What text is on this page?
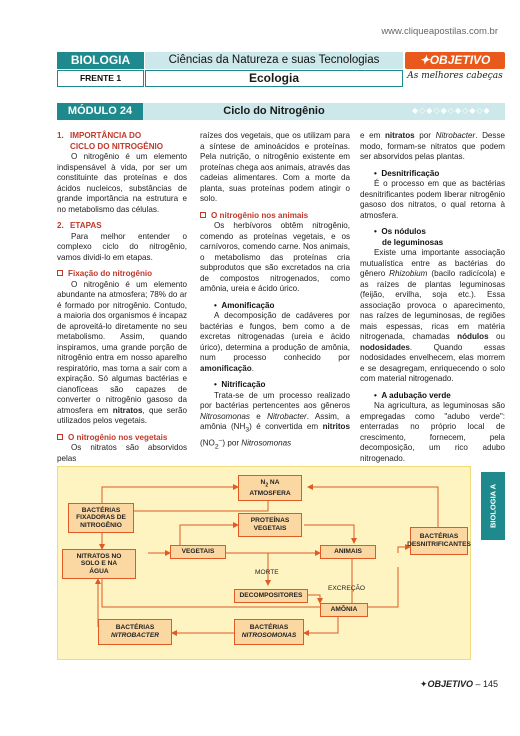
www.cliqueapostilas.com.br
BIOLOGIA
FRENTE 1
Ciências da Natureza e suas Tecnologias
Ecologia
✦OBJETIVO
As melhores cabeças
MÓDULO 24	Ciclo do Nitrogênio	◆◇◆◇◆◇◆◇◆◇◆
1. IMPORTÂNCIA DO
CICLO DO NITROGÊNIO

O nitrogênio é um elemento indispensável à vida, por ser um constituinte das proteínas e dos ácidos nucleicos, substâncias de grande importância na estrutura e no metabolismo das células.

2. ETAPAS

Para melhor entender o complexo ciclo do nitrogênio, vamos dividi-lo em etapas.

Fixação do nitrogênio

O nitrogênio é um elemento abundante na atmosfera; 78% do ar é formado por nitrogênio. Contudo, a maioria dos organismos é incapaz de aproveitá-lo diretamente no seu metabolismo. Assim, quando inspiramos, uma grande porção de nitrogênio entra em nosso aparelho respiratório, mas torna a sair com a expiração. Só algumas bactérias e cianofíceas são capazes de converter o nitrogênio gasoso da atmosfera em nitratos, que serão utilizados pelos vegetais.

O nitrogênio nos vegetais

Os nitratos são absorvidos pelas

raízes dos vegetais, que os utilizam para a síntese de aminoácidos e proteínas. Pela nutrição, o nitrogênio existente em proteínas chega aos animais, através das cadeias alimentares. Com a morte da planta, suas proteínas podem atingir o solo.

O nitrogênio nos animais

Os herbívoros obtêm nitrogênio, comendo as proteínas vegetais, e os carnívoros, comendo carne. Nos animais, o metabolismo das proteínas cria subprodutos que são excretados na cria de compostos nitrogenados, como amônia, ureia e ácido úrico.

•  Amonificação

A decomposição de cadáveres por bactérias e fungos, bem como a de excretas nitrogenadas (ureia e ácido úrico), determina a produção de amônia, num processo conhecido por amonificação.

•  Nitrificação

Trata-se de um processo realizado por bactérias pertencentes aos gêneros Nitrosomonas e Nitrobacter. Assim, a amônia $(NH_3)$ é convertida em nitritos $(NO_2^-)$ por Nitrosomonas

e em nitratos por Nitrobacter. Desse modo, formam-se nitratos que podem ser absorvidos pelas plantas.

•  Desnitrificação

É o processo em que as bactérias desnitrificantes podem liberar nitrogênio gasoso dos nitratos, o qual retorna à atmosfera.

•  Os nódulos
de leguminosas

Existe uma importante associação mutualística entre as bactérias do gênero Rhizobium (bacilo radicícola) e as raízes de plantas leguminosas (feijão, ervilha, soja etc.). Essa associação provoca o aparecimento, nas raízes de leguminosas, de regiões mais espessas, ricas em matéria nitrogenada, chamadas nódulos ou nodosidades. Quando essas nodosidades envelhecem, elas morrem e se desagregam, enriquecendo o solo com material nitrogenado.

•  A adubação verde

Na agricultura, as leguminosas são empregadas como "adubo verde": enterradas no próprio local de crescimento, fornecem, pela decomposição, um rico adubo nitrogenado.

BIOLOGIA A
$N_2$ NA
ATMOSFERA
BACTÉRIAS
FIXADORAS DE
NITROGÊNIO
PROTEÍNAS
VEGETAIS
BACTÉRIAS
DESNITRIFICANTES
NITRATOS NO
SOLO E NA
ÁGUA
VEGETAIS	ANIMAIS
MORTE
EXCREÇÃO
DECOMPOSITORES
AMÔNIA
BACTÉRIAS
NITROBACTER
BACTÉRIAS
NITROSOMONAS
✦OBJETIVO – 145
